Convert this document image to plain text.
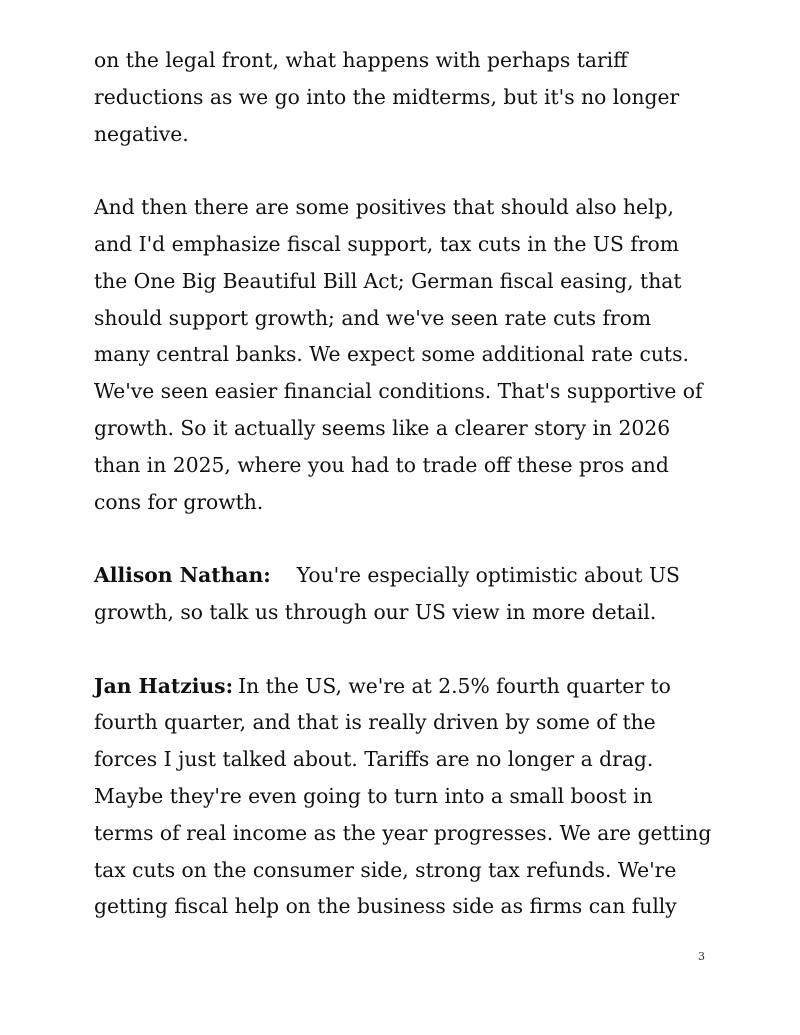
on the legal front, what happens with perhaps tariff
reductions as we go into the midterms, but it's no longer
negative.

And then there are some positives that should also help,
and I'd emphasize fiscal support, tax cuts in the US from
the One Big Beautiful Bill Act; German fiscal easing, that
should support growth; and we've seen rate cuts from
many central banks. We expect some additional rate cuts.
We've seen easier financial conditions. That's supportive of
growth. So it actually seems like a clearer story in 2026
than in 2025, where you had to trade off these pros and
cons for growth.

Allison Nathan: You're especially optimistic about US
growth, so talk us through our US view in more detail.

Jan Hatzius: In the US, we're at 2.5% fourth quarter to
fourth quarter, and that is really driven by some of the
forces I just talked about. Tariffs are no longer a drag.
Maybe they're even going to turn into a small boost in
terms of real income as the year progresses. We are getting
tax cuts on the consumer side, strong tax refunds. We're
getting fiscal help on the business side as firms can fully

3
